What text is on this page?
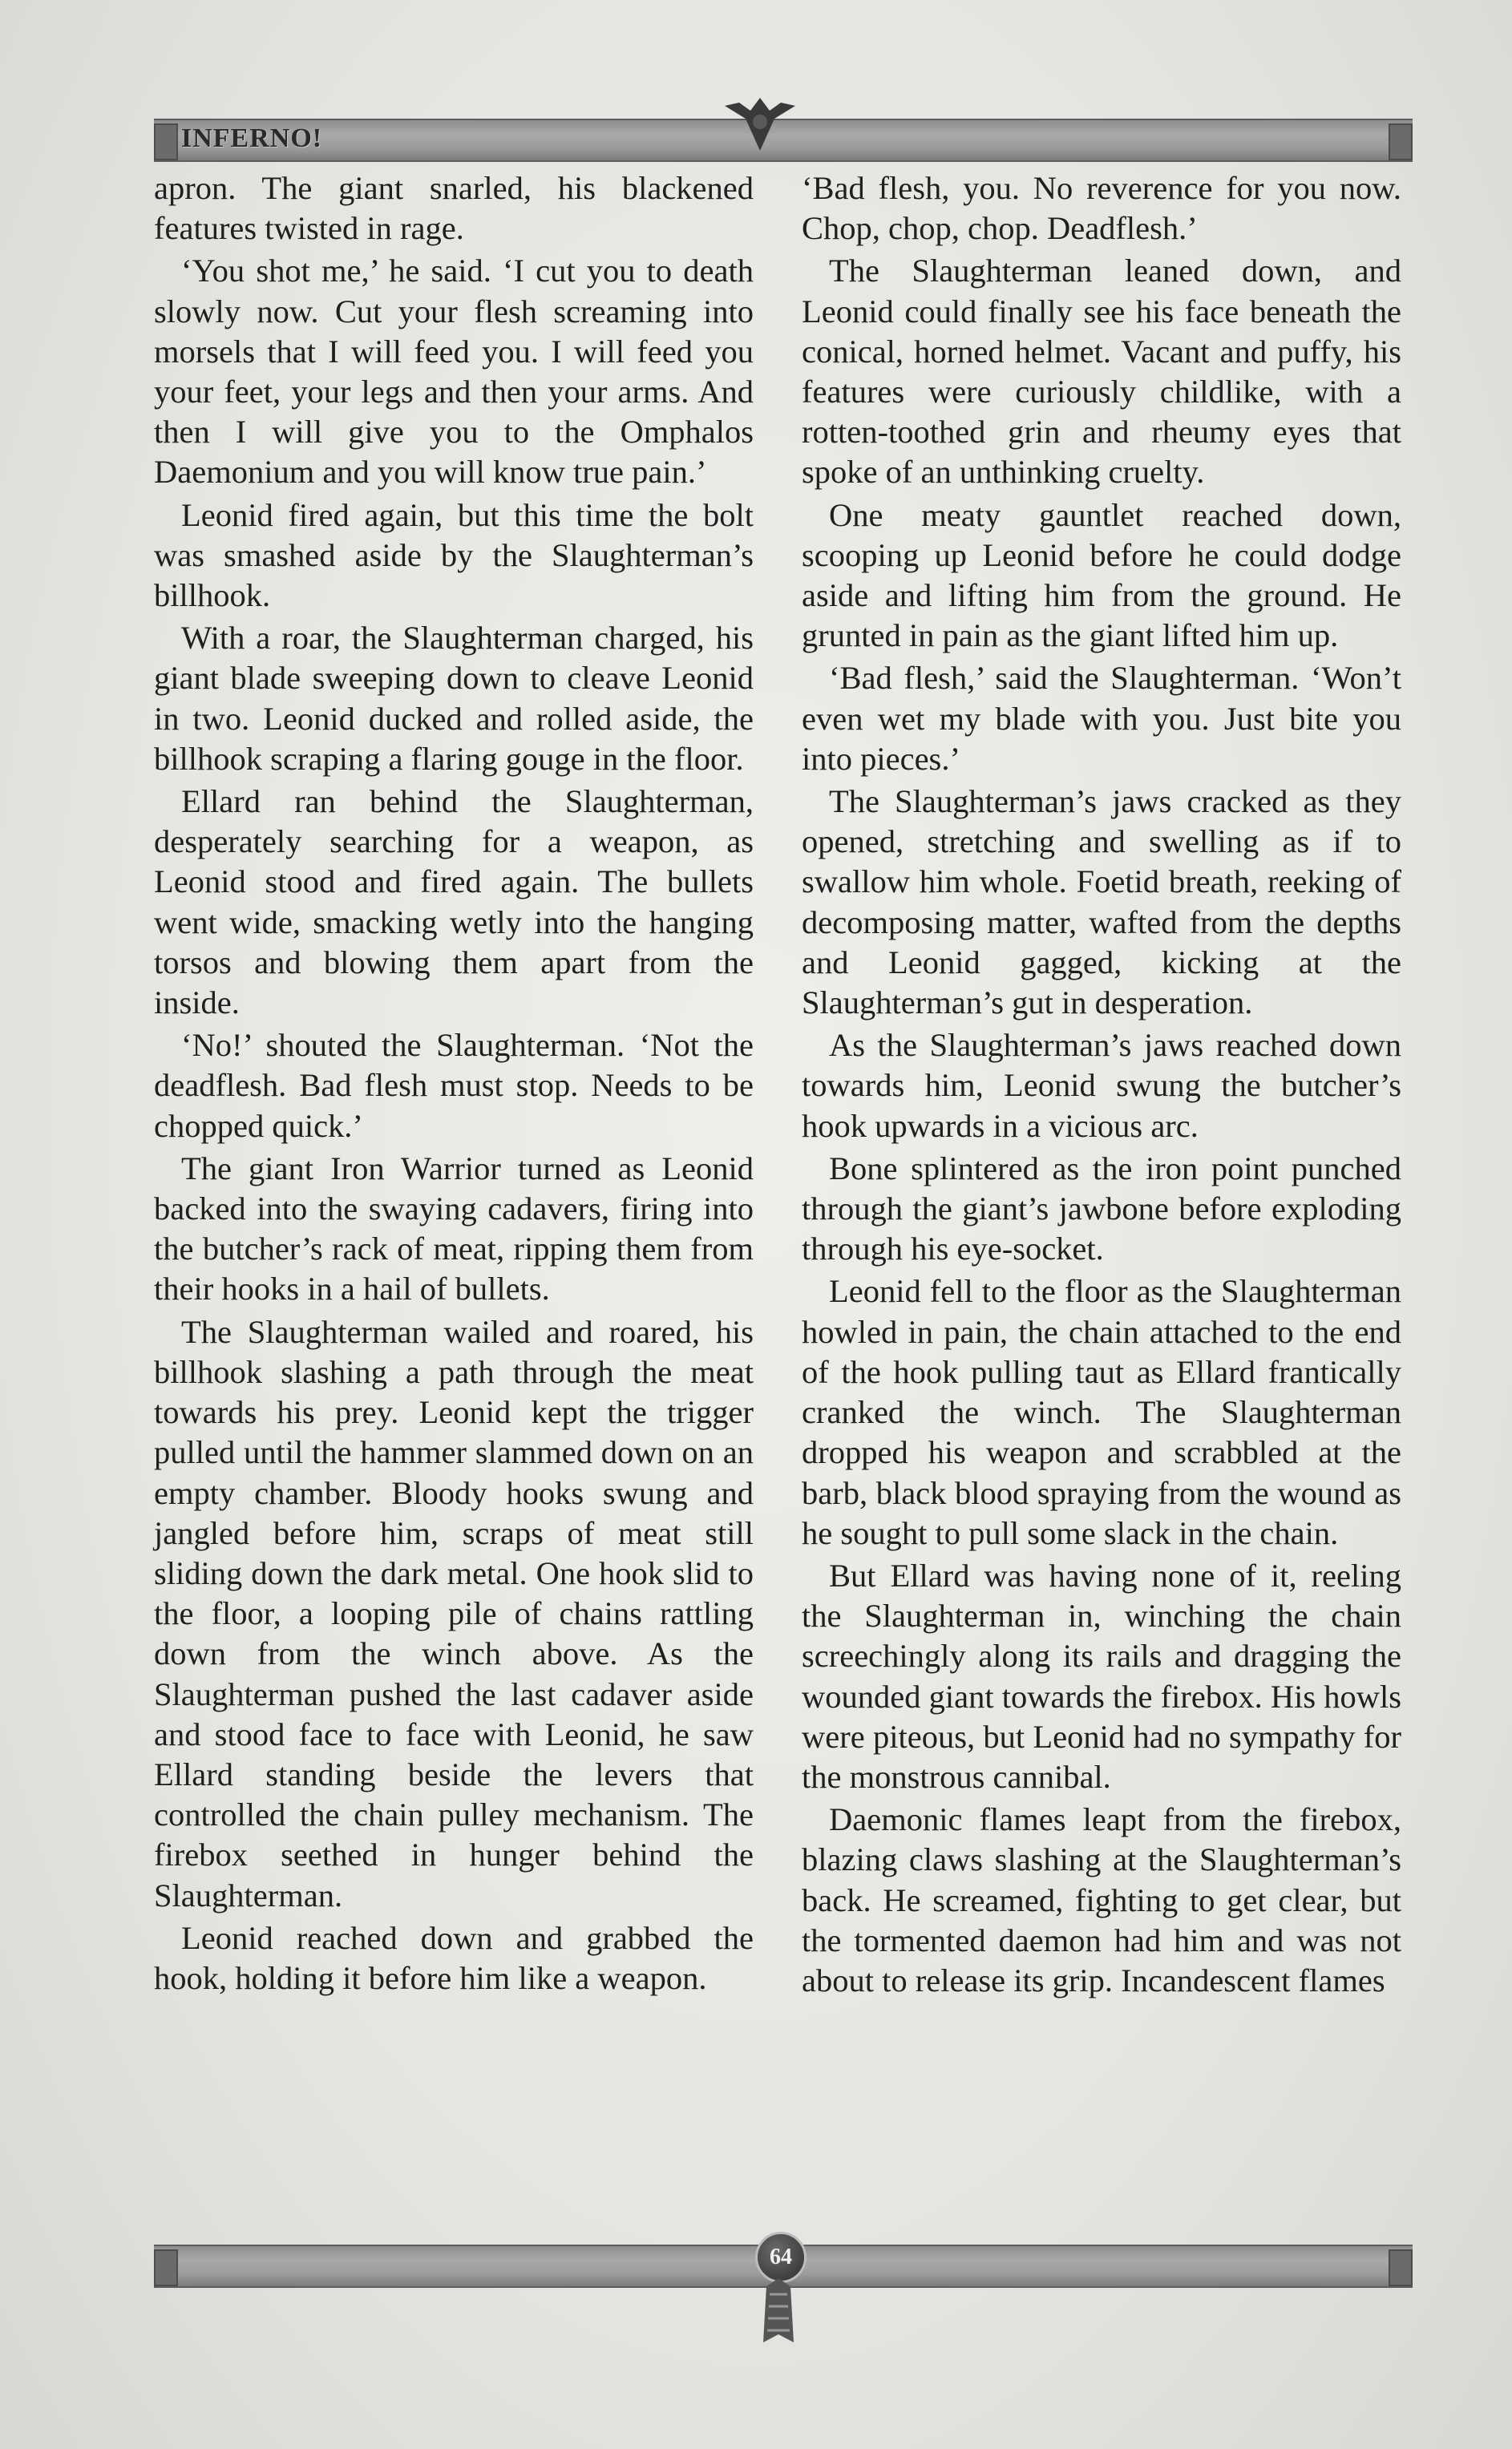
INFERNO!

apron. The giant snarled, his blackened features twisted in rage.

‘You shot me,’ he said. ‘I cut you to death slowly now. Cut your flesh screaming into morsels that I will feed you. I will feed you your feet, your legs and then your arms. And then I will give you to the Omphalos Daemonium and you will know true pain.’

Leonid fired again, but this time the bolt was smashed aside by the Slaughterman’s billhook.

With a roar, the Slaughterman charged, his giant blade sweeping down to cleave Leonid in two. Leonid ducked and rolled aside, the billhook scraping a flaring gouge in the floor.

Ellard ran behind the Slaughterman, desperately searching for a weapon, as Leonid stood and fired again. The bullets went wide, smacking wetly into the hanging torsos and blowing them apart from the inside.

‘No!’ shouted the Slaughterman. ‘Not the deadflesh. Bad flesh must stop. Needs to be chopped quick.’

The giant Iron Warrior turned as Leonid backed into the swaying cadavers, firing into the butcher’s rack of meat, ripping them from their hooks in a hail of bullets.

The Slaughterman wailed and roared, his billhook slashing a path through the meat towards his prey. Leonid kept the trigger pulled until the hammer slammed down on an empty chamber. Bloody hooks swung and jangled before him, scraps of meat still sliding down the dark metal. One hook slid to the floor, a looping pile of chains rattling down from the winch above. As the Slaughterman pushed the last cadaver aside and stood face to face with Leonid, he saw Ellard standing beside the levers that controlled the chain pulley mechanism. The firebox seethed in hunger behind the Slaughterman.

Leonid reached down and grabbed the hook, holding it before him like a weapon.

‘Bad flesh, you. No reverence for you now. Chop, chop, chop. Deadflesh.’

The Slaughterman leaned down, and Leonid could finally see his face beneath the conical, horned helmet. Vacant and puffy, his features were curiously childlike, with a rotten-toothed grin and rheumy eyes that spoke of an unthinking cruelty.

One meaty gauntlet reached down, scooping up Leonid before he could dodge aside and lifting him from the ground. He grunted in pain as the giant lifted him up.

‘Bad flesh,’ said the Slaughterman. ‘Won’t even wet my blade with you. Just bite you into pieces.’

The Slaughterman’s jaws cracked as they opened, stretching and swelling as if to swallow him whole. Foetid breath, reeking of decomposing matter, wafted from the depths and Leonid gagged, kicking at the Slaughterman’s gut in desperation.

As the Slaughterman’s jaws reached down towards him, Leonid swung the butcher’s hook upwards in a vicious arc.

Bone splintered as the iron point punched through the giant’s jawbone before exploding through his eye-socket.

Leonid fell to the floor as the Slaughterman howled in pain, the chain attached to the end of the hook pulling taut as Ellard frantically cranked the winch. The Slaughterman dropped his weapon and scrabbled at the barb, black blood spraying from the wound as he sought to pull some slack in the chain.

But Ellard was having none of it, reeling the Slaughterman in, winching the chain screechingly along its rails and dragging the wounded giant towards the firebox. His howls were piteous, but Leonid had no sympathy for the monstrous cannibal.

Daemonic flames leapt from the firebox, blazing claws slashing at the Slaughterman’s back. He screamed, fighting to get clear, but the tormented daemon had him and was not about to release its grip. Incandescent flames

64
